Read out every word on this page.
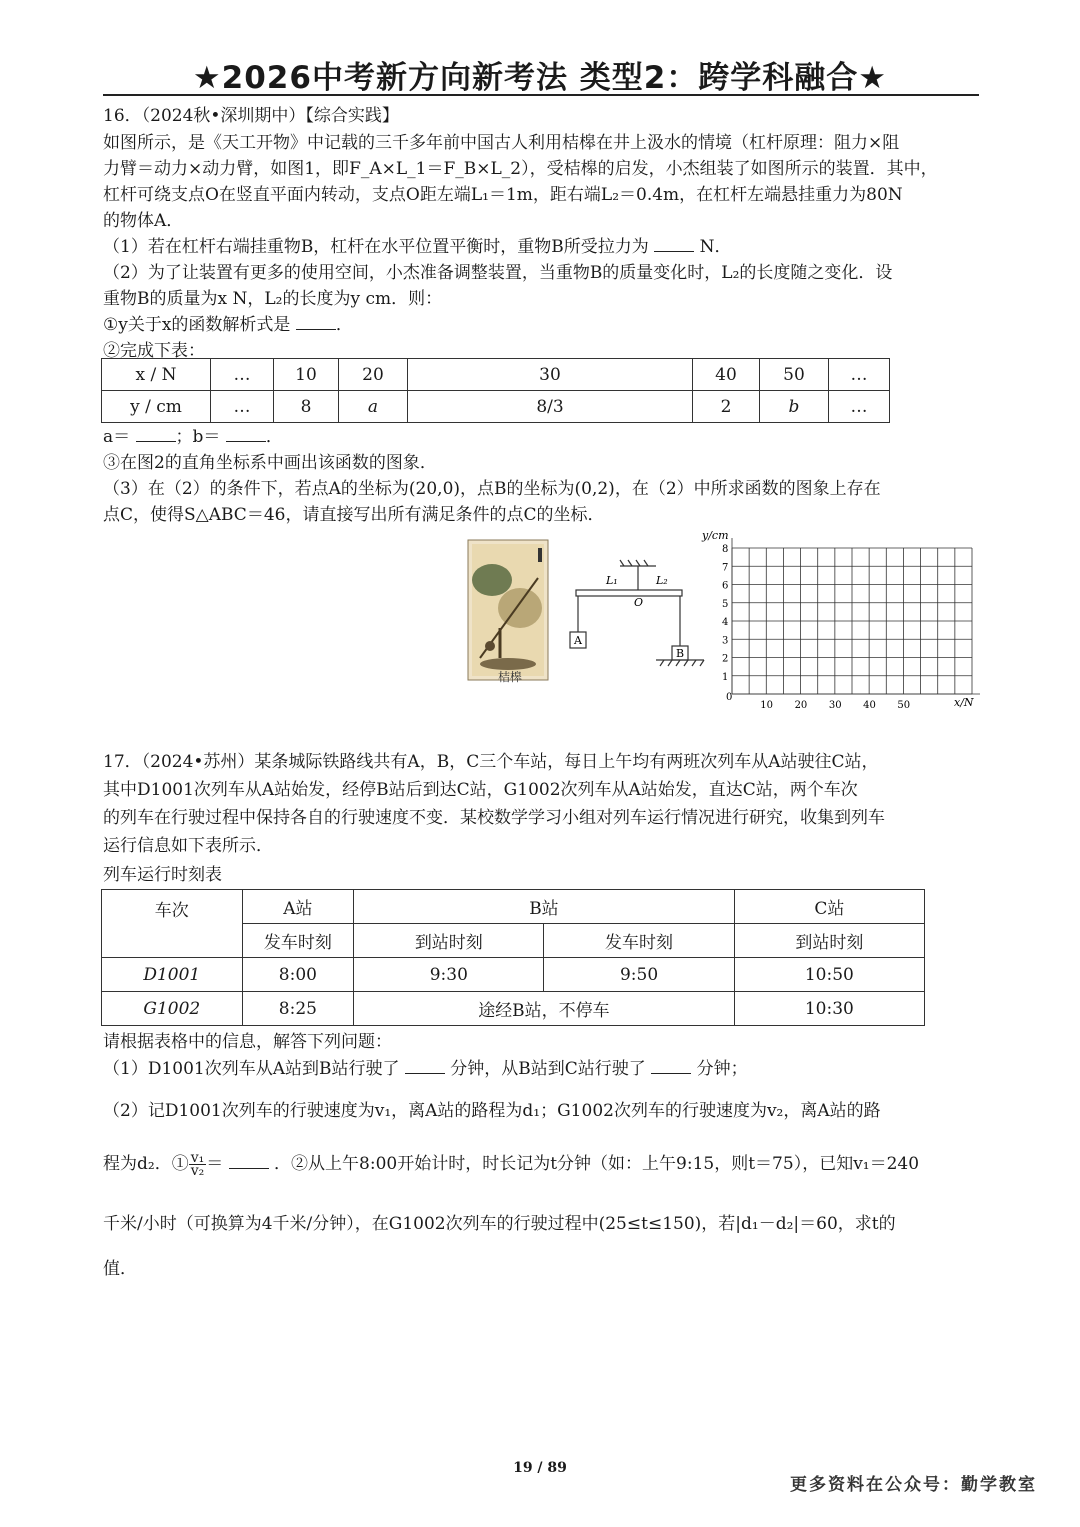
★2026中考新方向新考法 类型2：跨学科融合★
16．（2024秋•深圳期中）【综合实践】
如图所示，是《天工开物》中记载的三千多年前中国古人利用桔槔在井上汲水的情境（杠杆原理：阻力×阻
力臂＝动力×动力臂，如图1，即F_A×L_1＝F_B×L_2），受桔槔的启发，小杰组装了如图所示的装置．其中，
杠杆可绕支点O在竖直平面内转动，支点O距左端L₁＝1m，距右端L₂＝0.4m，在杠杆左端悬挂重力为80N
的物体A．
（1）若在杠杆右端挂重物B，杠杆在水平位置平衡时，重物B所受拉力为	N．
（2）为了让装置有更多的使用空间，小杰准备调整装置，当重物B的质量变化时，L₂的长度随之变化．设
重物B的质量为x N，L₂的长度为y cm．则：
①y关于x的函数解析式是	．
②完成下表：
x / N	…	10	20	30	40	50	…
y / cm	…	8	a	8/3	2	b	…
a＝	；b＝	．
③在图2的直角坐标系中画出该函数的图象．
（3）在（2）的条件下，若点A的坐标为(20,0)，点B的坐标为(0,2)，在（2）中所求函数的图象上存在
点C，使得S△ABC＝46，请直接写出所有满足条件的点C的坐标．
桔槔
L₁	L₂
O
A
B
y/cm
x/N
0
1
2
3
4
5
6
7
8
10 20 30 40 50
17．（2024•苏州）某条城际铁路线共有A，B，C三个车站，每日上午均有两班次列车从A站驶往C站，
其中D1001次列车从A站始发，经停B站后到达C站，G1002次列车从A站始发，直达C站，两个车次
的列车在行驶过程中保持各自的行驶速度不变．某校数学学习小组对列车运行情况进行研究，收集到列车
运行信息如下表所示．
列车运行时刻表
车次	A站	B站		C站
	发车时刻	到站时刻	发车时刻	到站时刻
D1001	8:00	9:30	9:50	10:50
G1002	8:25	途经B站，不停车		10:30
请根据表格中的信息，解答下列问题：
（1）D1001次列车从A站到B站行驶了	分钟，从B站到C站行驶了	分钟；
（2）记D1001次列车的行驶速度为v₁，离A站的路程为d₁；G1002次列车的行驶速度为v₂，离A站的路
程为d₂．① $\frac{\text{v₁}}{\text{v₂}}$ ＝	．②从上午8:00开始计时，时长记为t分钟（如：上午9:15，则t＝75），已知v₁＝240
千米/小时（可换算为4千米/分钟），在G1002次列车的行驶过程中(25≤t≤150)，若|d₁－d₂|＝60，求t的
值．
19 / 89
更多资料在公众号：勤学教室
